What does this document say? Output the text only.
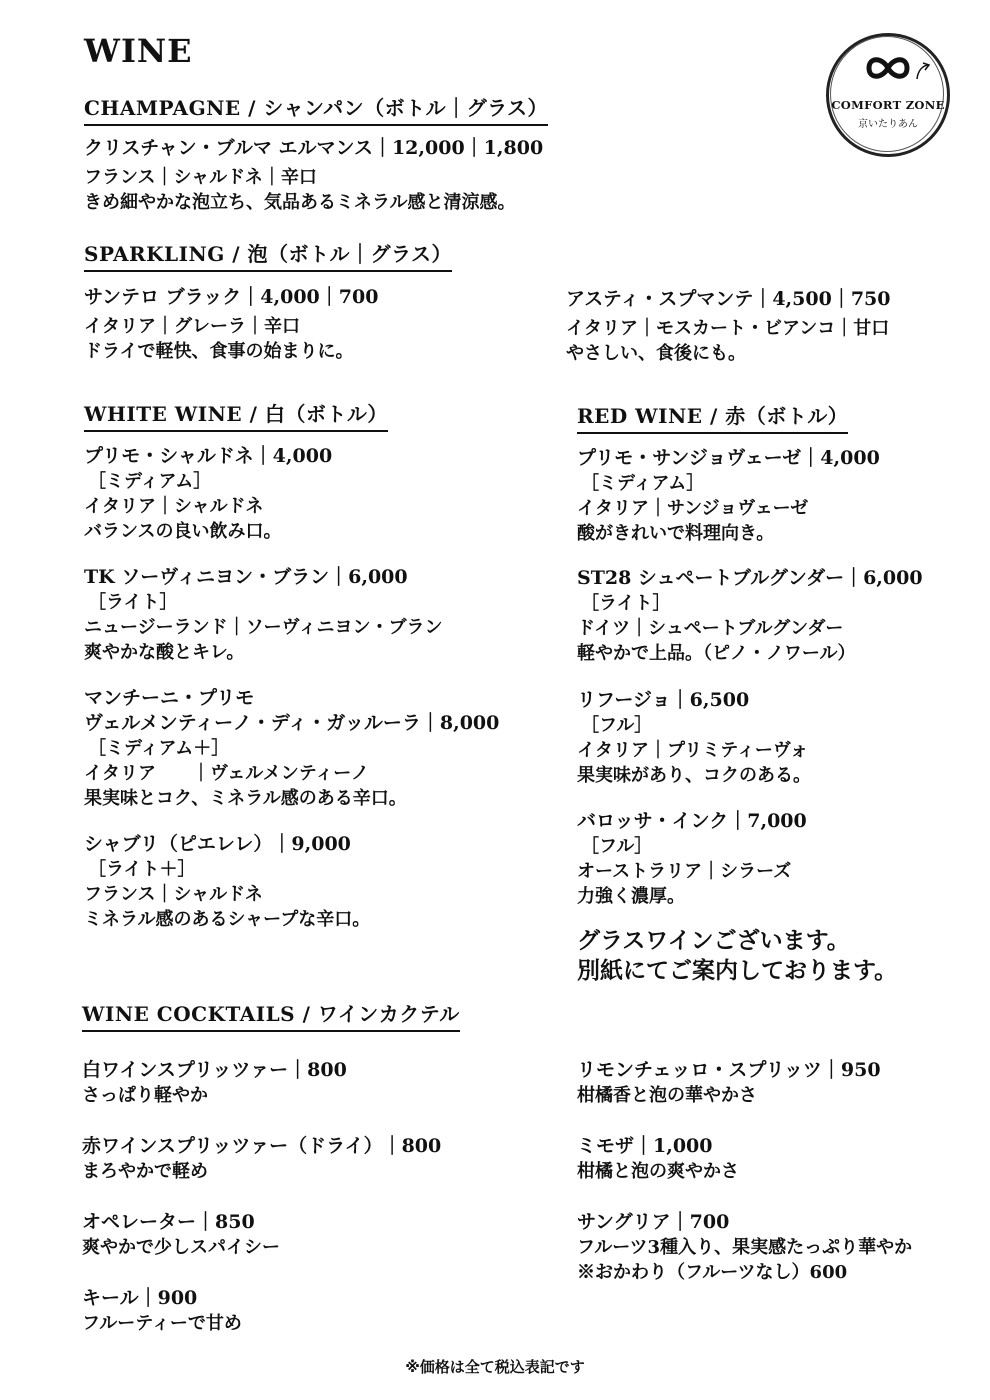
WINE
COMFORT ZONE
京いたりあん
CHAMPAGNE / シャンパン（ボトル｜グラス）
クリスチャン・ブルマ エルマンス｜12,000｜1,800
フランス｜シャルドネ｜辛口
きめ細やかな泡立ち、気品あるミネラル感と清涼感。
SPARKLING / 泡（ボトル｜グラス）
サンテロ ブラック｜4,000｜700
イタリア｜グレーラ｜辛口
ドライで軽快、食事の始まりに。
アスティ・スプマンテ｜4,500｜750
イタリア｜モスカート・ビアンコ｜甘口
やさしい、食後にも。
WHITE WINE / 白（ボトル）
プリモ・シャルドネ｜4,000
［ミディアム］
イタリア｜シャルドネ
バランスの良い飲み口。
TK ソーヴィニヨン・ブラン｜6,000
［ライト］
ニュージーランド｜ソーヴィニヨン・ブラン
爽やかな酸とキレ。
マンチーニ・プリモ
ヴェルメンティーノ・ディ・ガッルーラ｜8,000
［ミディアム＋］
イタリア　　｜ヴェルメンティーノ
果実味とコク、ミネラル感のある辛口。
シャブリ（ピエレレ）｜9,000
［ライト＋］
フランス｜シャルドネ
ミネラル感のあるシャープな辛口。
RED WINE / 赤（ボトル）
プリモ・サンジョヴェーゼ｜4,000
［ミディアム］
イタリア｜サンジョヴェーゼ
酸がきれいで料理向き。
ST28 シュペートブルグンダー｜6,000
［ライト］
ドイツ｜シュペートブルグンダー
軽やかで上品。（ピノ・ノワール）
リフージョ｜6,500
［フル］
イタリア｜プリミティーヴォ
果実味があり、コクのある。
バロッサ・インク｜7,000
［フル］
オーストラリア｜シラーズ
力強く濃厚。
グラスワインございます。
別紙にてご案内しております。
WINE COCKTAILS / ワインカクテル
白ワインスプリッツァー｜800
さっぱり軽やか
赤ワインスプリッツァー（ドライ）｜800
まろやかで軽め
オペレーター｜850
爽やかで少しスパイシー
キール｜900
フルーティーで甘め
リモンチェッロ・スプリッツ｜950
柑橘香と泡の華やかさ
ミモザ｜1,000
柑橘と泡の爽やかさ
サングリア｜700
フルーツ3種入り、果実感たっぷり華やか
※おかわり（フルーツなし）600
※価格は全て税込表記です
